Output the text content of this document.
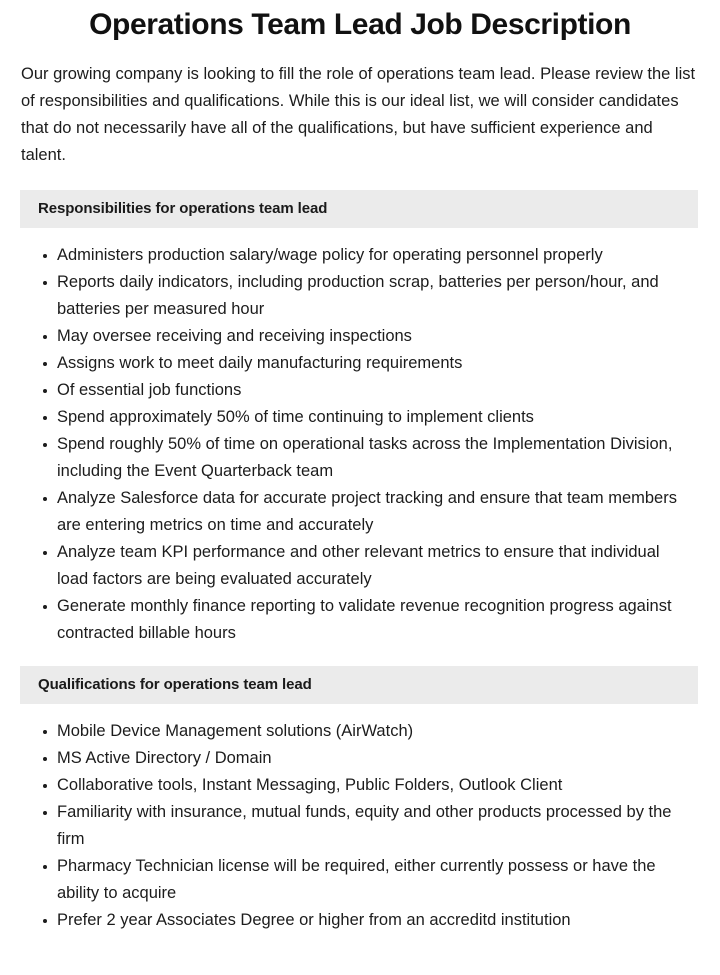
Operations Team Lead Job Description

Our growing company is looking to fill the role of operations team lead. Please review the list of responsibilities and qualifications. While this is our ideal list, we will consider candidates that do not necessarily have all of the qualifications, but have sufficient experience and talent.

Responsibilities for operations team lead
Administers production salary/wage policy for operating personnel properly
Reports daily indicators, including production scrap, batteries per person/hour, and batteries per measured hour
May oversee receiving and receiving inspections
Assigns work to meet daily manufacturing requirements
Of essential job functions
Spend approximately 50% of time continuing to implement clients
Spend roughly 50% of time on operational tasks across the Implementation Division, including the Event Quarterback team
Analyze Salesforce data for accurate project tracking and ensure that team members are entering metrics on time and accurately
Analyze team KPI performance and other relevant metrics to ensure that individual load factors are being evaluated accurately
Generate monthly finance reporting to validate revenue recognition progress against contracted billable hours
Qualifications for operations team lead
Mobile Device Management solutions (AirWatch)
MS Active Directory / Domain
Collaborative tools, Instant Messaging, Public Folders, Outlook Client
Familiarity with insurance, mutual funds, equity and other products processed by the firm
Pharmacy Technician license will be required, either currently possess or have the ability to acquire
Prefer 2 year Associates Degree or higher from an accreditd institution
